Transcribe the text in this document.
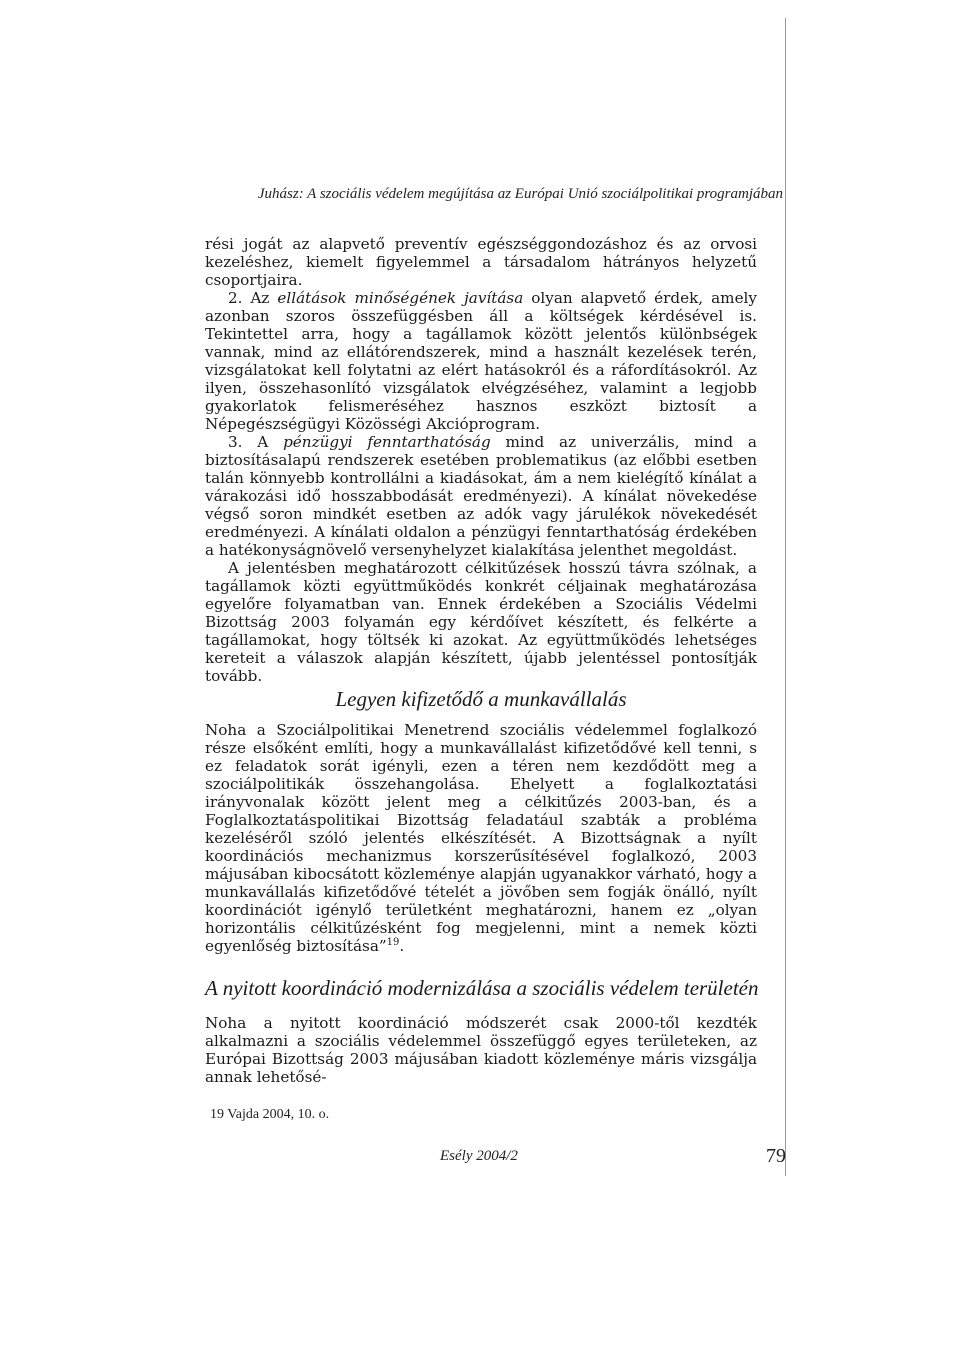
Juhász: A szociális védelem megújítása az Európai Unió szociálpolitikai programjában

rési jogát az alapvető preventív egészséggondozáshoz és az orvosi kezeléshez, kiemelt figyelemmel a társadalom hátrányos helyzetű csoportjaira.

2. Az ellátások minőségének javítása olyan alapvető érdek, amely azonban szoros összefüggésben áll a költségek kérdésével is. Tekintettel arra, hogy a tagállamok között jelentős különbségek vannak, mind az ellátórendszerek, mind a használt kezelések terén, vizsgálatokat kell folytatni az elért hatásokról és a ráfordításokról. Az ilyen, összehasonlító vizsgálatok elvégzéséhez, valamint a legjobb gyakorlatok felismeréséhez hasznos eszközt biztosít a Népegészségügyi Közösségi Akcióprogram.

3. A pénzügyi fenntarthatóság mind az univerzális, mind a biztosításalapú rendszerek esetében problematikus (az előbbi esetben talán könnyebb kontrollálni a kiadásokat, ám a nem kielégítő kínálat a várakozási idő hosszabbodását eredményezi). A kínálat növekedése végső soron mindkét esetben az adók vagy járulékok növekedését eredményezi. A kínálati oldalon a pénzügyi fenntarthatóság érdekében a hatékonyságnövelő versenyhelyzet kialakítása jelenthet megoldást.

A jelentésben meghatározott célkitűzések hosszú távra szólnak, a tagállamok közti együttműködés konkrét céljainak meghatározása egyelőre folyamatban van. Ennek érdekében a Szociális Védelmi Bizottság 2003 folyamán egy kérdőívet készített, és felkérte a tagállamokat, hogy töltsék ki azokat. Az együttműködés lehetséges kereteit a válaszok alapján készített, újabb jelentéssel pontosítják tovább.

Legyen kifizetődő a munkavállalás

Noha a Szociálpolitikai Menetrend szociális védelemmel foglalkozó része elsőként említi, hogy a munkavállalást kifizetődővé kell tenni, s ez feladatok sorát igényli, ezen a téren nem kezdődött meg a szociálpolitikák összehangolása. Ehelyett a foglalkoztatási irányvonalak között jelent meg a célkitűzés 2003-ban, és a Foglalkoztatáspolitikai Bizottság feladatául szabták a probléma kezeléséről szóló jelentés elkészítését. A Bizottságnak a nyílt koordinációs mechanizmus korszerűsítésével foglalkozó, 2003 májusában kibocsátott közleménye alapján ugyanakkor várható, hogy a munkavállalás kifizetődővé tételét a jövőben sem fogják önálló, nyílt koordinációt igénylő területként meghatározni, hanem ez „olyan horizontális célkitűzésként fog megjelenni, mint a nemek közti egyenlőség biztosítása”$^{19}$.

A nyitott koordináció modernizálása a szociális védelem területén

Noha a nyitott koordináció módszerét csak 2000-től kezdték alkalmazni a szociális védelemmel összefüggő egyes területeken, az Európai Bizottság 2003 májusában kiadott közleménye máris vizsgálja annak lehetősé-

19 Vajda 2004, 10. o.
Esély 2004/2	79
